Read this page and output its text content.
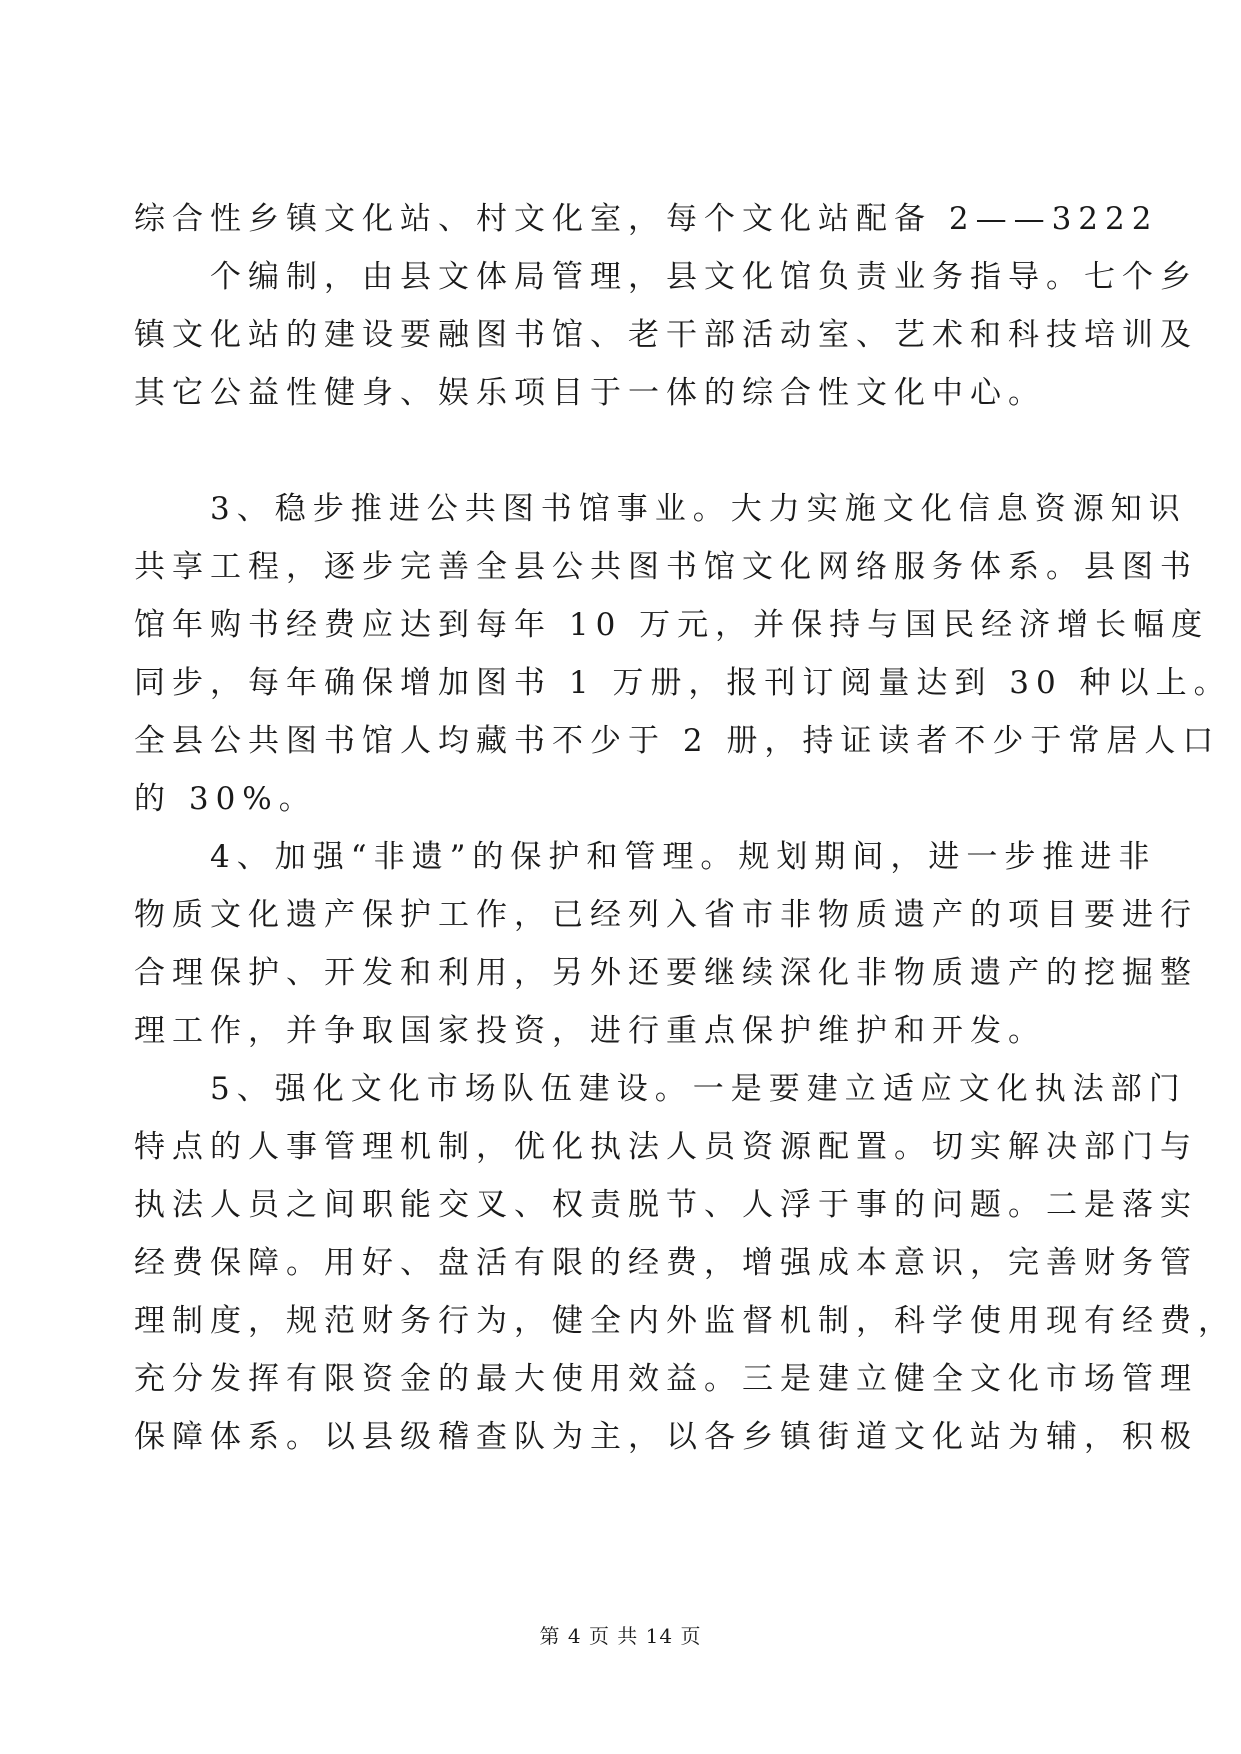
综合性乡镇文化站、村文化室，每个文化站配备 2——3222
　　个编制，由县文体局管理，县文化馆负责业务指导。七个乡
镇文化站的建设要融图书馆、老干部活动室、艺术和科技培训及
其它公益性健身、娱乐项目于一体的综合性文化中心。
　　3、稳步推进公共图书馆事业。大力实施文化信息资源知识
共享工程，逐步完善全县公共图书馆文化网络服务体系。县图书
馆年购书经费应达到每年 10 万元，并保持与国民经济增长幅度
同步，每年确保增加图书 1 万册，报刊订阅量达到 30 种以上。
全县公共图书馆人均藏书不少于 2 册，持证读者不少于常居人口
的 30%。
　　4、加强“非遗”的保护和管理。规划期间，进一步推进非
物质文化遗产保护工作，已经列入省市非物质遗产的项目要进行
合理保护、开发和利用，另外还要继续深化非物质遗产的挖掘整
理工作，并争取国家投资，进行重点保护维护和开发。
　　5、强化文化市场队伍建设。一是要建立适应文化执法部门
特点的人事管理机制，优化执法人员资源配置。切实解决部门与
执法人员之间职能交叉、权责脱节、人浮于事的问题。二是落实
经费保障。用好、盘活有限的经费，增强成本意识，完善财务管
理制度，规范财务行为，健全内外监督机制，科学使用现有经费，
充分发挥有限资金的最大使用效益。三是建立健全文化市场管理
保障体系。以县级稽查队为主，以各乡镇街道文化站为辅，积极
第 4 页 共 14 页
